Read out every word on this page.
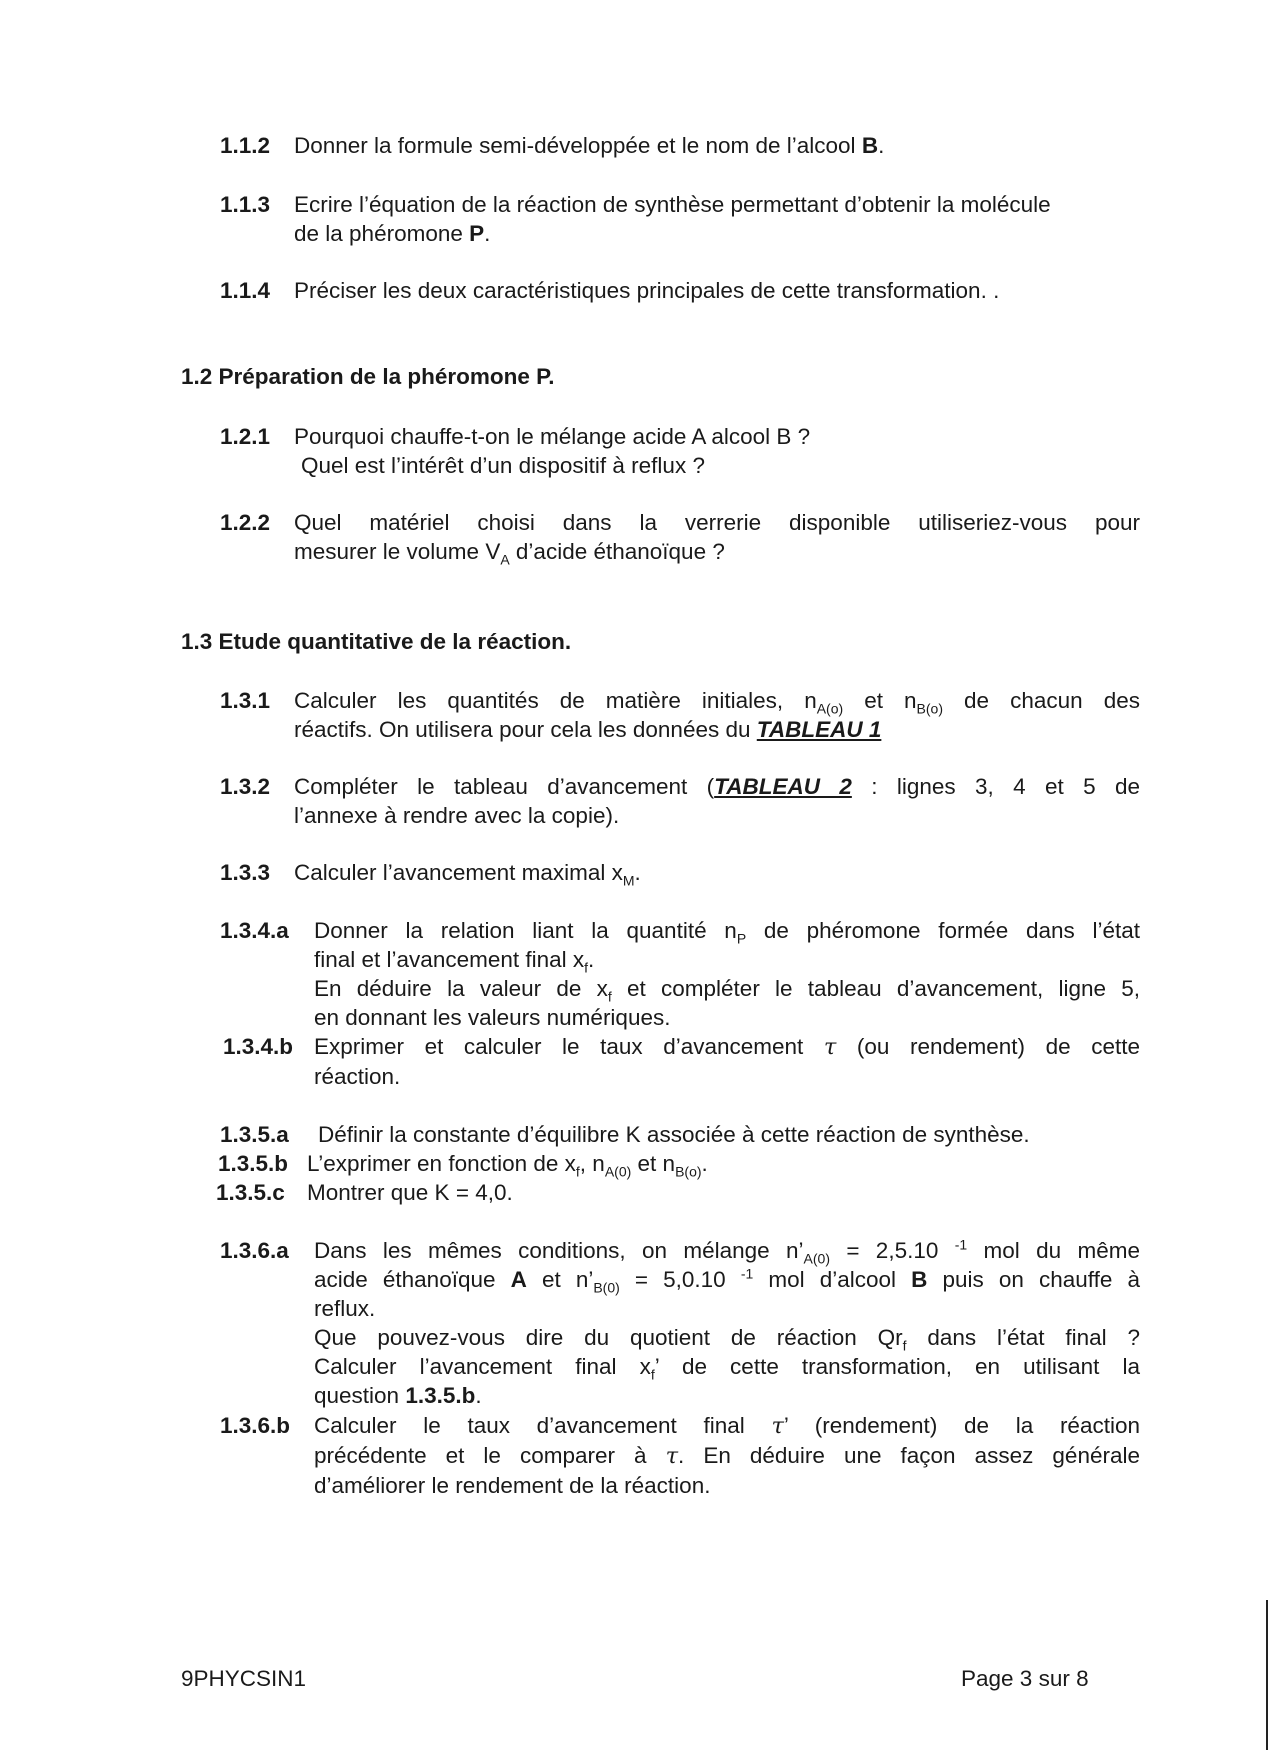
1.1.2 Donner la formule semi-développée et le nom de l’alcool B.
1.1.3 Ecrire l’équation de la réaction de synthèse permettant d’obtenir la molécule
de la phéromone P.
1.1.4 Préciser les deux caractéristiques principales de cette transformation. .
1.2 Préparation de la phéromone P.
1.2.1 Pourquoi chauffe-t-on le mélange acide A alcool B ?
Quel est l’intérêt d’un dispositif à reflux ?
1.2.2 Quel matériel choisi dans la verrerie disponible utiliseriez-vous pour
mesurer le volume $V_A$ d’acide éthanoïque ?
1.3 Etude quantitative de la réaction.
1.3.1 Calculer les quantités de matière initiales, $n_{A(o)}$ et $n_{B(o)}$ de chacun des
réactifs. On utilisera pour cela les données du TABLEAU 1
1.3.2 Compléter le tableau d’avancement (TABLEAU 2 : lignes 3, 4 et 5 de
l’annexe à rendre avec la copie).
1.3.3 Calculer l’avancement maximal $x_M$.
1.3.4.a Donner la relation liant la quantité $n_P$ de phéromone formée dans l’état
final et l’avancement final $x_f$.
En déduire la valeur de $x_f$ et compléter le tableau d’avancement, ligne 5,
en donnant les valeurs numériques.
1.3.4.b Exprimer et calculer le taux d’avancement τ (ou rendement) de cette
réaction.
1.3.5.a Définir la constante d’équilibre K associée à cette réaction de synthèse.
1.3.5.b L’exprimer en fonction de $x_f$, $n_{A(0)}$ et $n_{B(o)}$.
1.3.5.c Montrer que K = 4,0.
1.3.6.a Dans les mêmes conditions, on mélange $n’_{A(0)} = 2,5.10$ $^{-1}$ mol du même
acide éthanoïque A et $n’_{B(0)} = 5,0.10$ $^{-1}$ mol d’alcool B puis on chauffe à
reflux.
Que pouvez-vous dire du quotient de réaction $Qr_f$ dans l’état final ?
Calculer l’avancement final $x_f$’ de cette transformation, en utilisant la
question 1.3.5.b.
1.3.6.b Calculer le taux d’avancement final τ’ (rendement) de la réaction
précédente et le comparer à τ. En déduire une façon assez générale
d’améliorer le rendement de la réaction.
9PHYCSIN1	Page 3 sur 8
